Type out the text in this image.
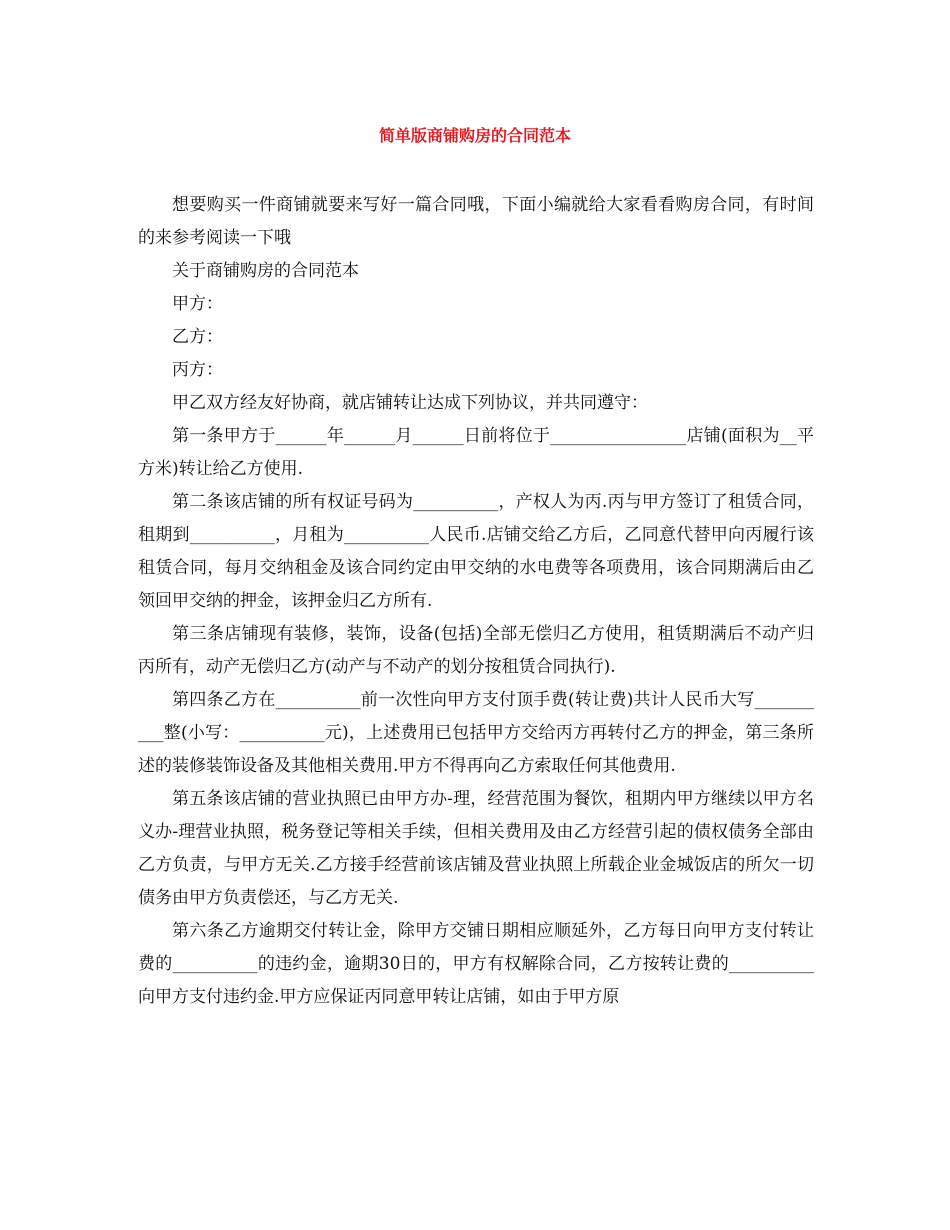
简单版商铺购房的合同范本

想要购买一件商铺就要来写好一篇合同哦，下面小编就给大家看看购房合同，有时间的来参考阅读一下哦

关于商铺购房的合同范本

甲方：

乙方：

丙方：

甲乙双方经友好协商，就店铺转让达成下列协议，并共同遵守：

第一条甲方于______年______月______日前将位于________________店铺(面积为__平方米)转让给乙方使用.

第二条该店铺的所有权证号码为__________，产权人为丙.丙与甲方签订了租赁合同，租期到__________，月租为__________人民币.店铺交给乙方后，乙同意代替甲向丙履行该租赁合同，每月交纳租金及该合同约定由甲交纳的水电费等各项费用，该合同期满后由乙领回甲交纳的押金，该押金归乙方所有.

第三条店铺现有装修，装饰，设备(包括)全部无偿归乙方使用，租赁期满后不动产归丙所有，动产无偿归乙方(动产与不动产的划分按租赁合同执行).

第四条乙方在__________前一次性向甲方支付顶手费(转让费)共计人民币大写__________整(小写：__________元)，上述费用已包括甲方交给丙方再转付乙方的押金，第三条所述的装修装饰设备及其他相关费用.甲方不得再向乙方索取任何其他费用.

第五条该店铺的营业执照已由甲方办-理，经营范围为餐饮，租期内甲方继续以甲方名义办-理营业执照，税务登记等相关手续，但相关费用及由乙方经营引起的债权债务全部由乙方负责，与甲方无关.乙方接手经营前该店铺及营业执照上所载企业金城饭店的所欠一切债务由甲方负责偿还，与乙方无关.

第六条乙方逾期交付转让金，除甲方交铺日期相应顺延外，乙方每日向甲方支付转让费的__________的违约金，逾期30日的，甲方有权解除合同，乙方按转让费的__________向甲方支付违约金.甲方应保证丙同意甲转让店铺，如由于甲方原
